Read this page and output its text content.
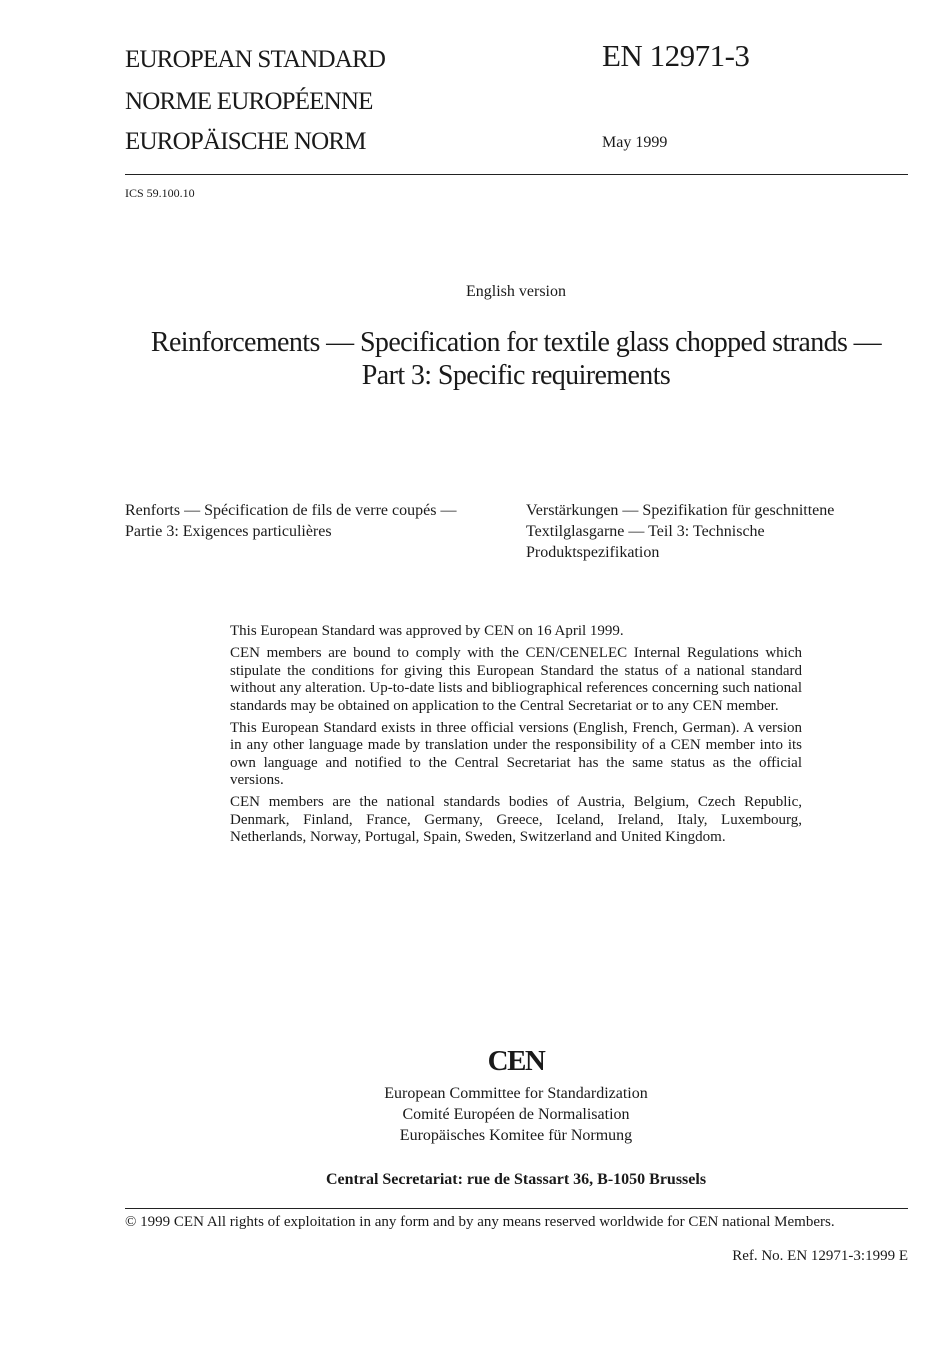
EUROPEAN STANDARD
NORME EUROPÉENNE
EUROPÄISCHE NORM
EN 12971-3
May 1999
ICS 59.100.10
English version
Reinforcements — Specification for textile glass chopped strands —
Part 3: Specific requirements
Renforts — Spécification de fils de verre coupés —
Partie 3: Exigences particulières
Verstärkungen — Spezifikation für geschnittene
Textilglasgarne — Teil 3: Technische
Produktspezifikation

This European Standard was approved by CEN on 16 April 1999.

CEN members are bound to comply with the CEN/CENELEC Internal Regulations which stipulate the conditions for giving this European Standard the status of a national standard without any alteration. Up-to-date lists and bibliographical references concerning such national standards may be obtained on application to the Central Secretariat or to any CEN member.

This European Standard exists in three official versions (English, French, German). A version in any other language made by translation under the responsibility of a CEN member into its own language and notified to the Central Secretariat has the same status as the official versions.

CEN members are the national standards bodies of Austria, Belgium, Czech Republic, Denmark, Finland, France, Germany, Greece, Iceland, Ireland, Italy, Luxembourg, Netherlands, Norway, Portugal, Spain, Sweden, Switzerland and United Kingdom.

CEN
European Committee for Standardization
Comité Européen de Normalisation
Europäisches Komitee für Normung
Central Secretariat: rue de Stassart 36, B-1050 Brussels
© 1999 CEN All rights of exploitation in any form and by any means reserved worldwide for CEN national Members.
Ref. No. EN 12971-3:1999 E
